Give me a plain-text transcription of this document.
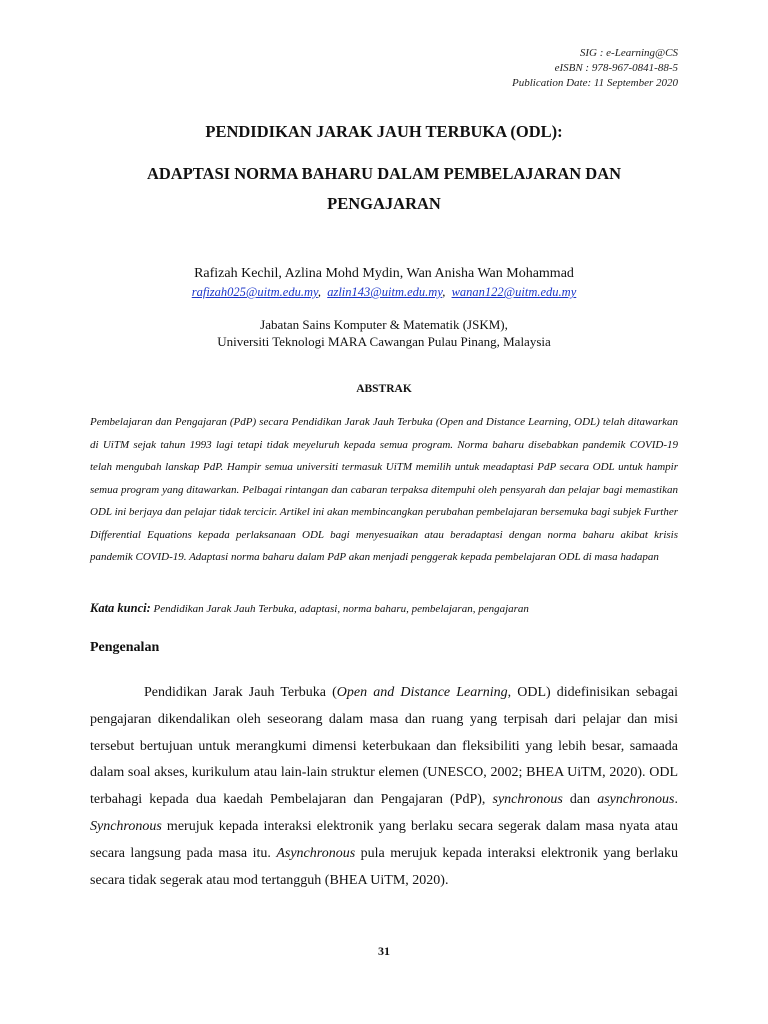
SIG : e-Learning@CS
eISBN : 978-967-0841-88-5
Publication Date: 11 September 2020
PENDIDIKAN JARAK JAUH TERBUKA (ODL):
ADAPTASI NORMA BAHARU DALAM PEMBELAJARAN DAN
PENGAJARAN
Rafizah Kechil, Azlina Mohd Mydin, Wan Anisha Wan Mohammad
rafizah025@uitm.edu.my,  azlin143@uitm.edu.my,  wanan122@uitm.edu.my
Jabatan Sains Komputer & Matematik (JSKM),
Universiti Teknologi MARA Cawangan Pulau Pinang, Malaysia
ABSTRAK
Pembelajaran dan Pengajaran (PdP) secara Pendidikan Jarak Jauh Terbuka (Open and Distance Learning, ODL) telah ditawarkan di UiTM sejak tahun 1993 lagi tetapi tidak meyeluruh kepada semua program. Norma baharu disebabkan pandemik COVID-19 telah mengubah lanskap PdP. Hampir semua universiti termasuk UiTM memilih untuk meadaptasi PdP secara ODL untuk hampir semua program yang ditawarkan. Pelbagai rintangan dan cabaran terpaksa ditempuhi oleh pensyarah dan pelajar bagi memastikan ODL ini berjaya dan pelajar tidak tercicir. Artikel ini akan membincangkan perubahan pembelajaran bersemuka bagi subjek Further Differential Equations kepada perlaksanaan ODL bagi menyesuaikan atau beradaptasi dengan norma baharu akibat krisis pandemik COVID-19. Adaptasi norma baharu dalam PdP akan menjadi penggerak kepada pembelajaran ODL di masa hadapan
Kata kunci: Pendidikan Jarak Jauh Terbuka, adaptasi, norma baharu, pembelajaran, pengajaran
Pengenalan

Pendidikan Jarak Jauh Terbuka (Open and Distance Learning, ODL) didefinisikan sebagai pengajaran dikendalikan oleh seseorang dalam masa dan ruang yang terpisah dari pelajar dan misi tersebut bertujuan untuk merangkumi dimensi keterbukaan dan fleksibiliti yang lebih besar, samaada dalam soal akses, kurikulum atau lain-lain struktur elemen (UNESCO, 2002; BHEA UiTM, 2020). ODL terbahagi kepada dua kaedah Pembelajaran dan Pengajaran (PdP), synchronous dan asynchronous. Synchronous merujuk kepada interaksi elektronik yang berlaku secara segerak dalam masa nyata atau secara langsung pada masa itu. Asynchronous pula merujuk kepada interaksi elektronik yang berlaku secara tidak segerak atau mod tertangguh (BHEA UiTM, 2020).

31
